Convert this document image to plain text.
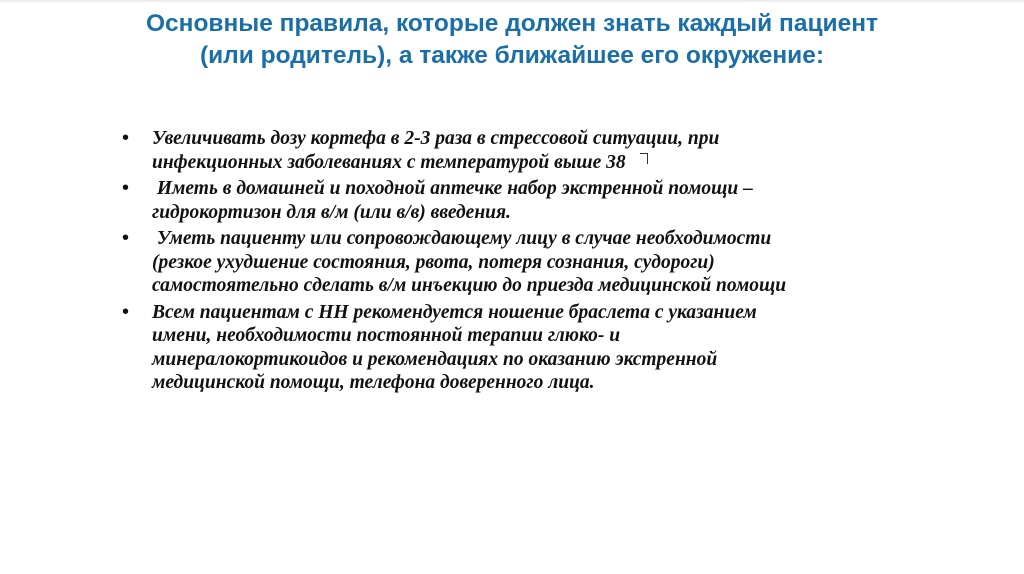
Основные правила, которые должен знать каждый пациент
(или родитель), а также ближайшее его окружение:
• Увеличивать дозу кортефа в 2-3 раза в стрессовой ситуации, при
инфекционных заболеваниях с температурой выше 38
• Иметь в домашней и походной аптечке набор экстренной помощи –
гидрокортизон для в/м (или в/в) введения.
• Уметь пациенту или сопровождающему лицу в случае необходимости
(резкое ухудшение состояния, рвота, потеря сознания, судороги)
самостоятельно сделать в/м инъекцию до приезда медицинской помощи
• Всем пациентам с НН рекомендуется ношение браслета с указанием
имени, необходимости постоянной терапии глюко- и
минералокортикоидов и рекомендациях по оказанию экстренной
медицинской помощи, телефона доверенного лица.
